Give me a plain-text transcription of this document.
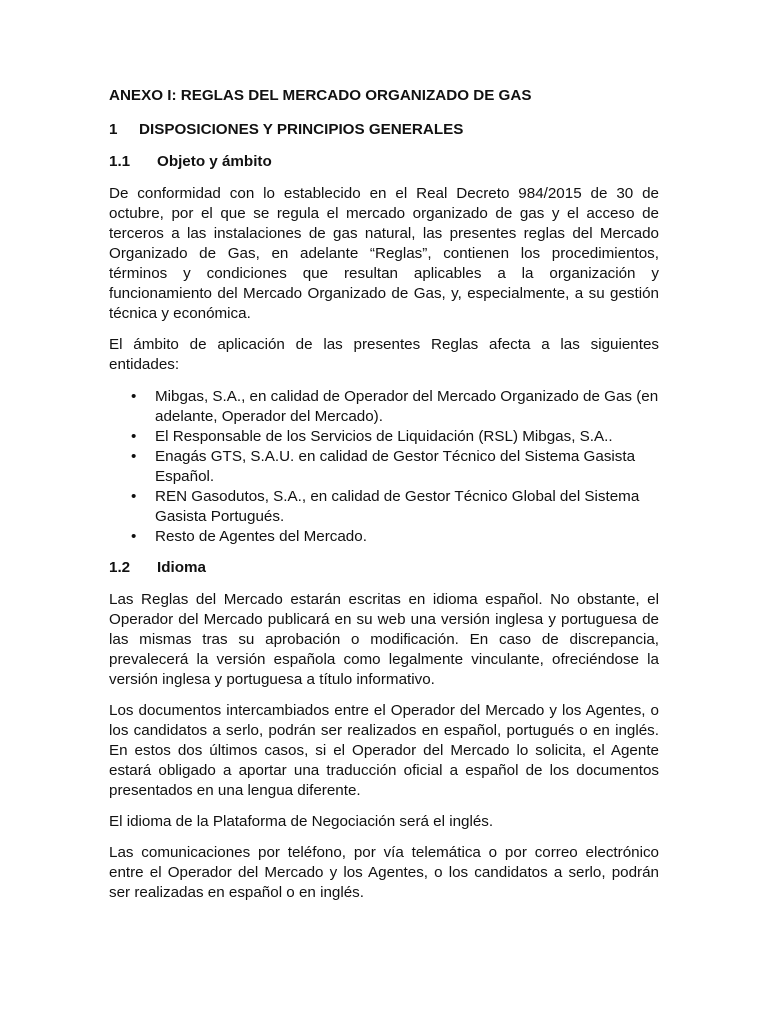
ANEXO I: REGLAS DEL MERCADO ORGANIZADO DE GAS
1	DISPOSICIONES Y PRINCIPIOS GENERALES
1.1	Objeto y ámbito

De conformidad con lo establecido en el Real Decreto 984/2015 de 30 de octubre, por el que se regula el mercado organizado de gas y el acceso de terceros a las instalaciones de gas natural, las presentes reglas del Mercado Organizado de Gas, en adelante “Reglas”, contienen los procedimientos, términos y condiciones que resultan aplicables a la organización y funcionamiento del Mercado Organizado de Gas, y, especialmente, a su gestión técnica y económica.

El ámbito de aplicación de las presentes Reglas afecta a las siguientes entidades:

• Mibgas, S.A., en calidad de Operador del Mercado Organizado de Gas (en adelante, Operador del Mercado).
• El Responsable de los Servicios de Liquidación (RSL) Mibgas, S.A..
• Enagás GTS, S.A.U. en calidad de Gestor Técnico del Sistema Gasista Español.
• REN Gasodutos, S.A., en calidad de Gestor Técnico Global del Sistema Gasista Portugués.
• Resto de Agentes del Mercado.
1.2	Idioma

Las Reglas del Mercado estarán escritas en idioma español. No obstante, el Operador del Mercado publicará en su web una versión inglesa y portuguesa de las mismas tras su aprobación o modificación. En caso de discrepancia, prevalecerá la versión española como legalmente vinculante, ofreciéndose la versión inglesa y portuguesa a título informativo.

Los documentos intercambiados entre el Operador del Mercado y los Agentes, o los candidatos a serlo, podrán ser realizados en español, portugués o en inglés. En estos dos últimos casos, si el Operador del Mercado lo solicita, el Agente estará obligado a aportar una traducción oficial a español de los documentos presentados en una lengua diferente.

El idioma de la Plataforma de Negociación será el inglés.

Las comunicaciones por teléfono, por vía telemática o por correo electrónico entre el Operador del Mercado y los Agentes, o los candidatos a serlo, podrán ser realizadas en español o en inglés.
